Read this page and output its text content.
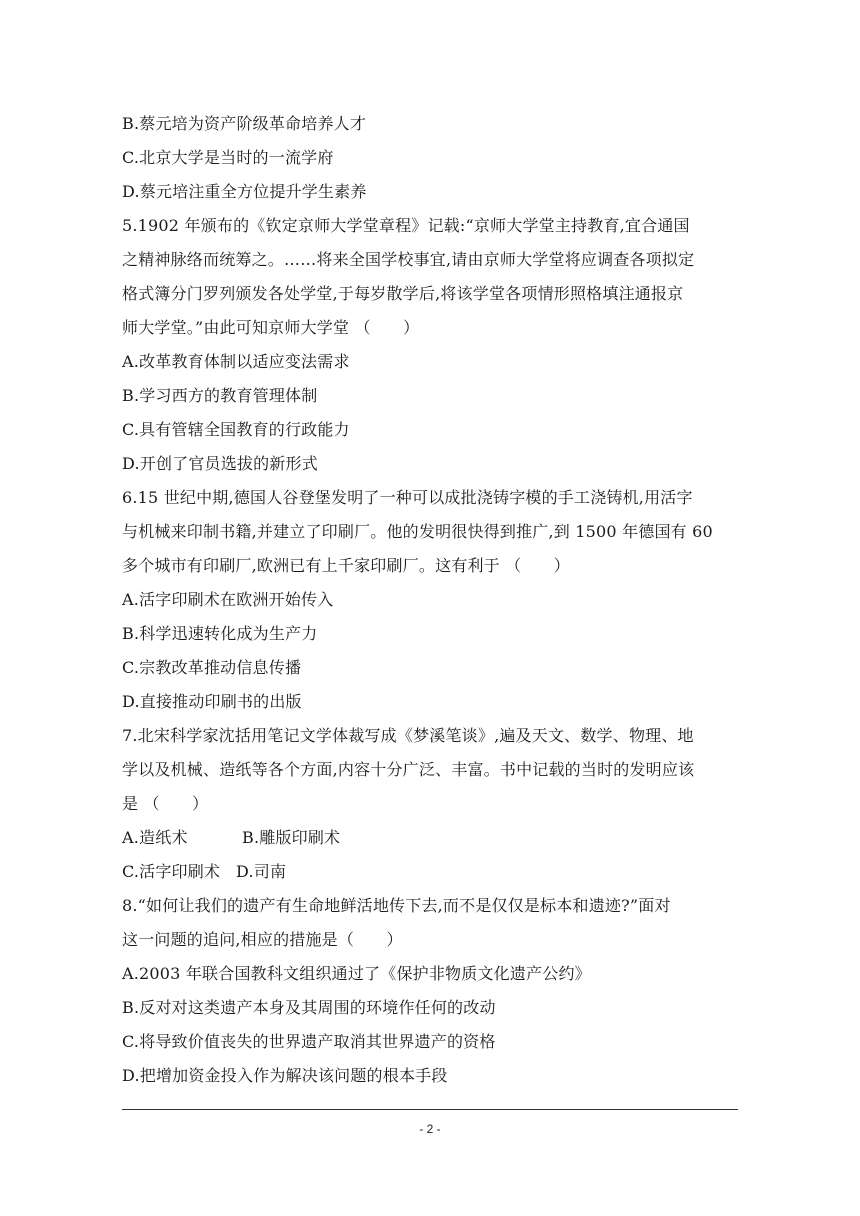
B.蔡元培为资产阶级革命培养人才
C.北京大学是当时的一流学府
D.蔡元培注重全方位提升学生素养
5.1902 年颁布的《钦定京师大学堂章程》记载:“京师大学堂主持教育,宜合通国
之精神脉络而统筹之。……将来全国学校事宜,请由京师大学堂将应调查各项拟定
格式簿分门罗列颁发各处学堂,于每岁散学后,将该学堂各项情形照格填注通报京
师大学堂。”由此可知京师大学堂 （　　）
A.改革教育体制以适应变法需求
B.学习西方的教育管理体制
C.具有管辖全国教育的行政能力
D.开创了官员选拔的新形式
6.15 世纪中期,德国人谷登堡发明了一种可以成批浇铸字模的手工浇铸机,用活字
与机械来印制书籍,并建立了印刷厂。他的发明很快得到推广,到 1500 年德国有 60
多个城市有印刷厂,欧洲已有上千家印刷厂。这有利于 （　　）
A.活字印刷术在欧洲开始传入
B.科学迅速转化成为生产力
C.宗教改革推动信息传播
D.直接推动印刷书的出版
7.北宋科学家沈括用笔记文学体裁写成《梦溪笔谈》,遍及天文、数学、物理、地
学以及机械、造纸等各个方面,内容十分广泛、丰富。书中记载的当时的发明应该
是 （　　）
A.造纸术	B.雕版印刷术
C.活字印刷术 D.司南
8.“如何让我们的遗产有生命地鲜活地传下去,而不是仅仅是标本和遗迹?”面对
这一问题的追问,相应的措施是（　　）
A.2003 年联合国教科文组织通过了《保护非物质文化遗产公约》
B.反对对这类遗产本身及其周围的环境作任何的改动
C.将导致价值丧失的世界遗产取消其世界遗产的资格
D.把增加资金投入作为解决该问题的根本手段
- 2 -
